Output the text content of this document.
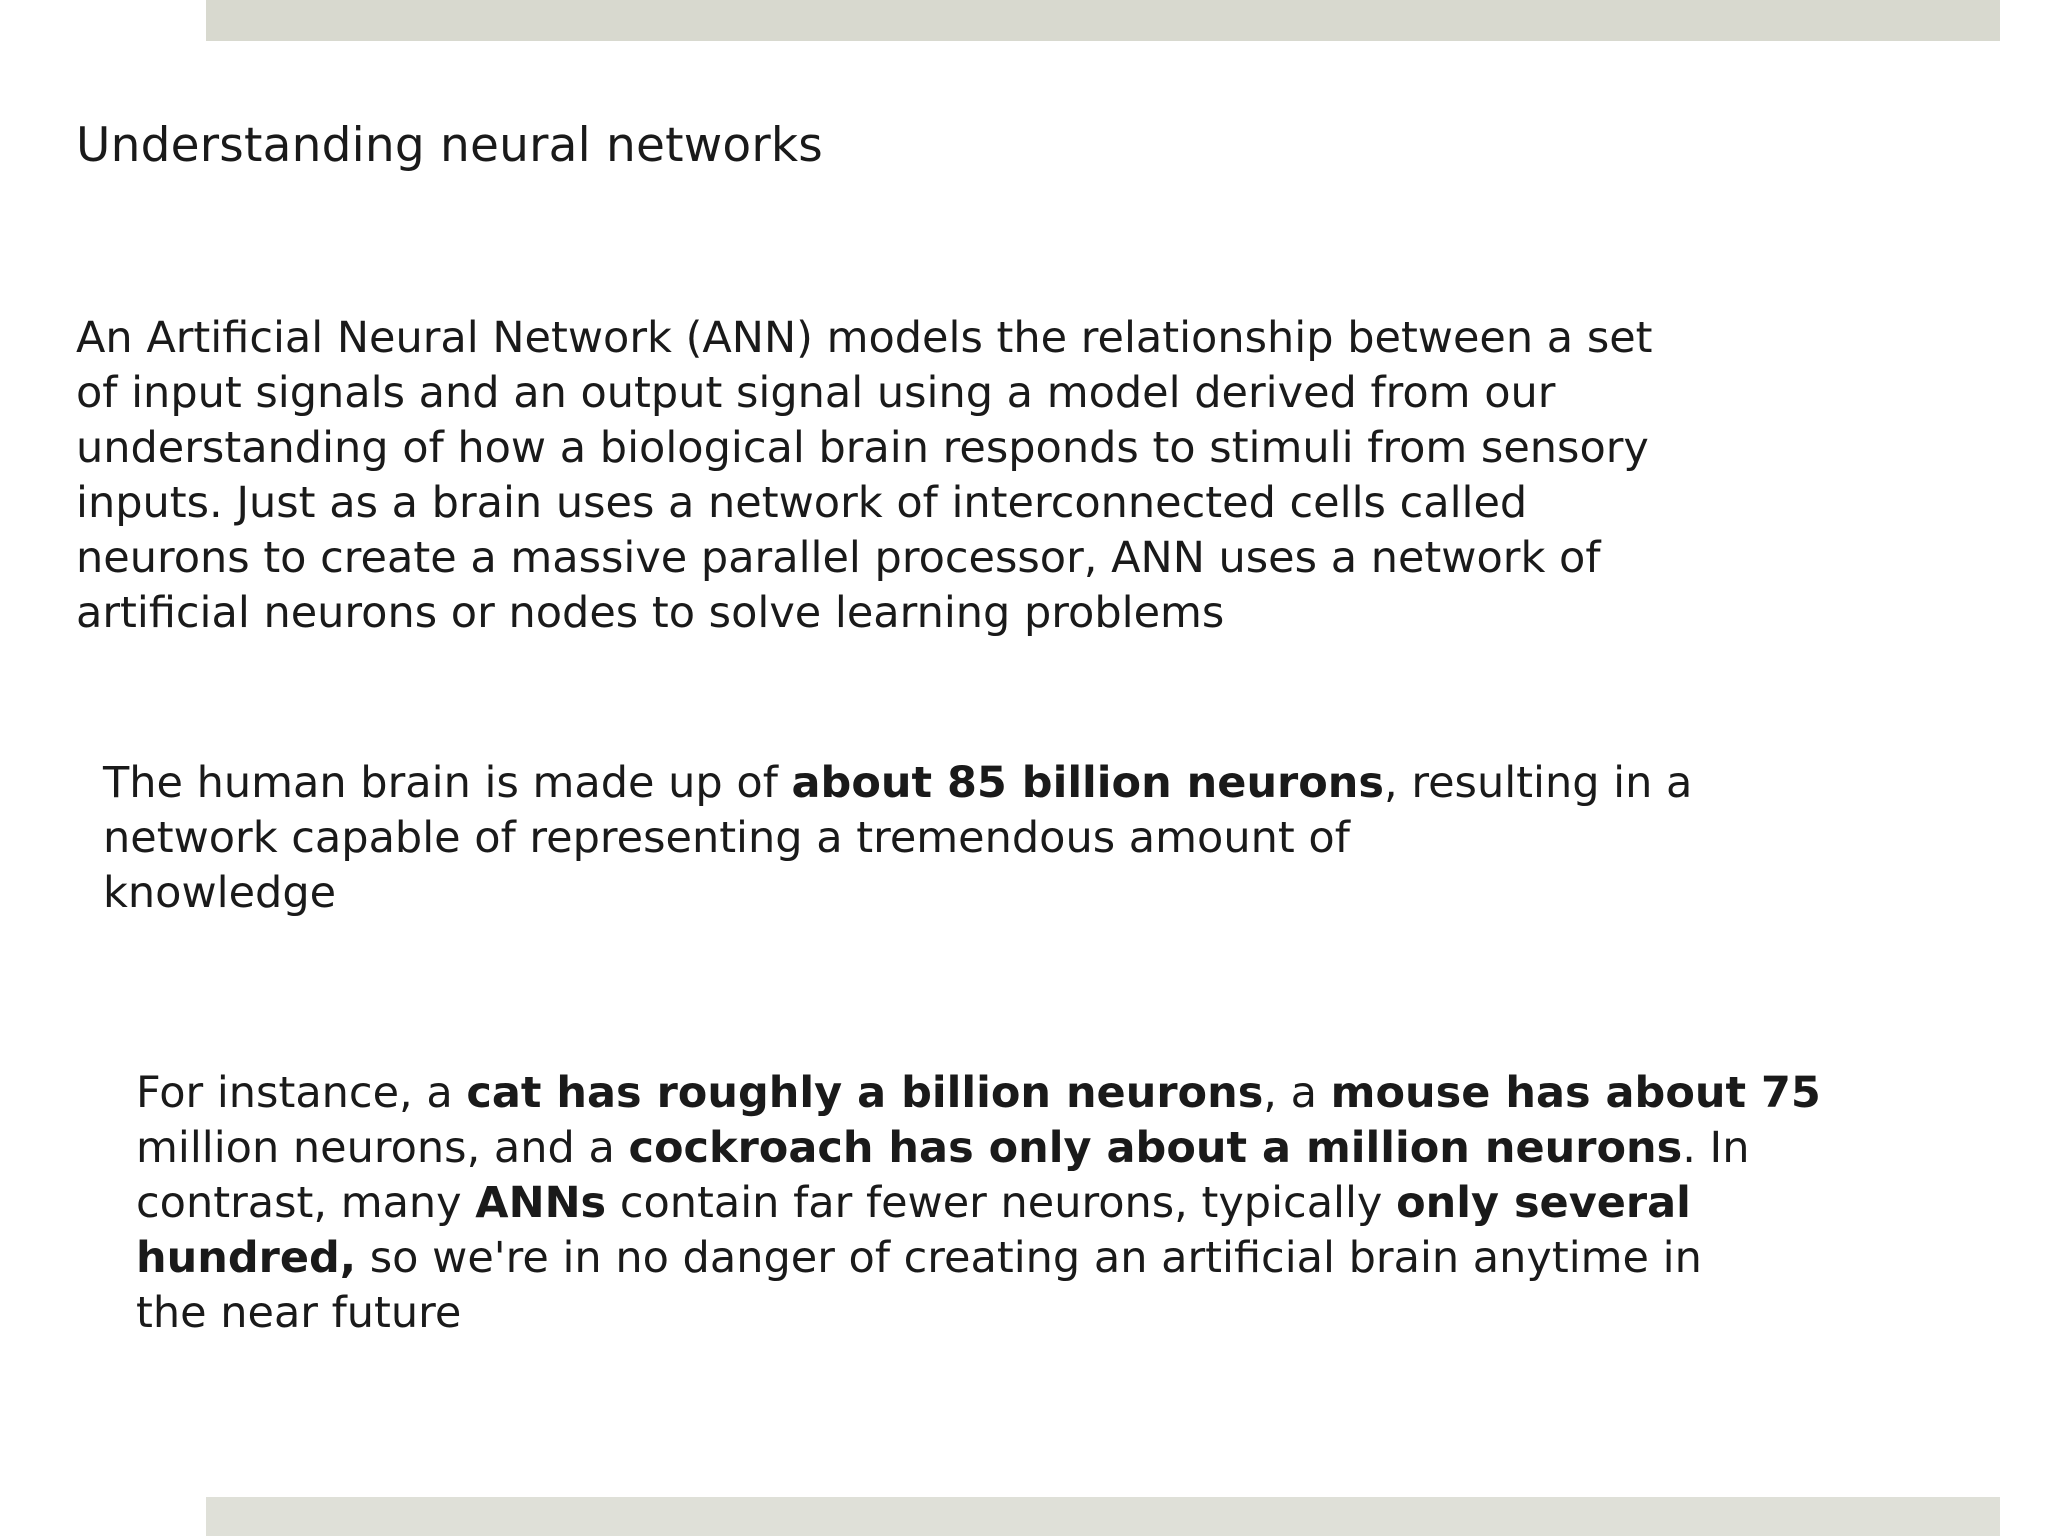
Understanding neural networks

An Artificial Neural Network (ANN) models the relationship between a set
of input signals and an output signal using a model derived from our
understanding of how a biological brain responds to stimuli from sensory
inputs. Just as a brain uses a network of interconnected cells called
neurons to create a massive parallel processor, ANN uses a network of
artificial neurons or nodes to solve learning problems

The human brain is made up of about 85 billion neurons, resulting in a
network capable of representing a tremendous amount of
knowledge

For instance, a cat has roughly a billion neurons, a mouse has about 75
million neurons, and a cockroach has only about a million neurons. In
contrast, many ANNs contain far fewer neurons, typically only several
hundred, so we're in no danger of creating an artificial brain anytime in
the near future
